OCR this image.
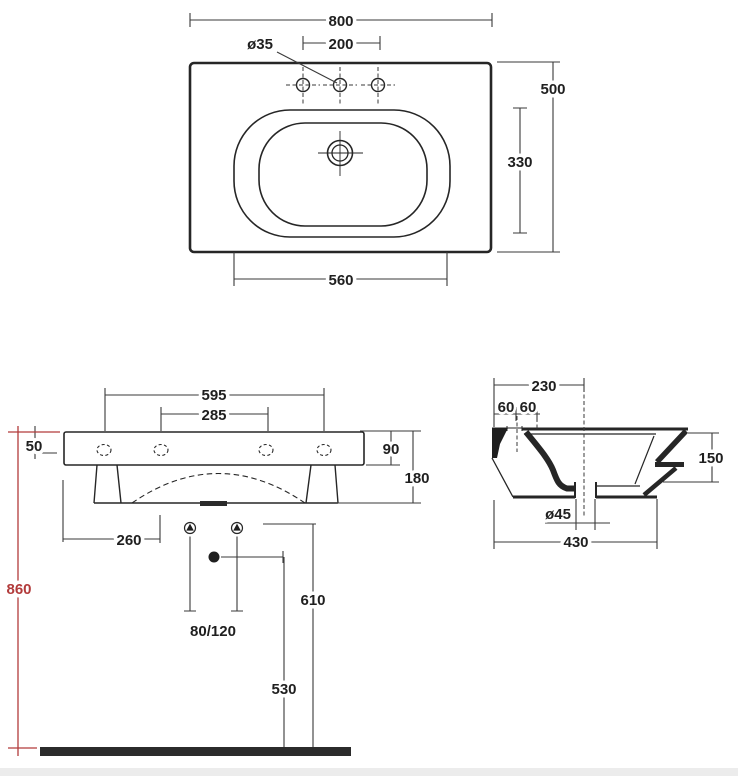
800
200
ø35
500
330
560
595
285
50	90
180
260
80/120
610
530
860
230
60 60
150
ø45
430
